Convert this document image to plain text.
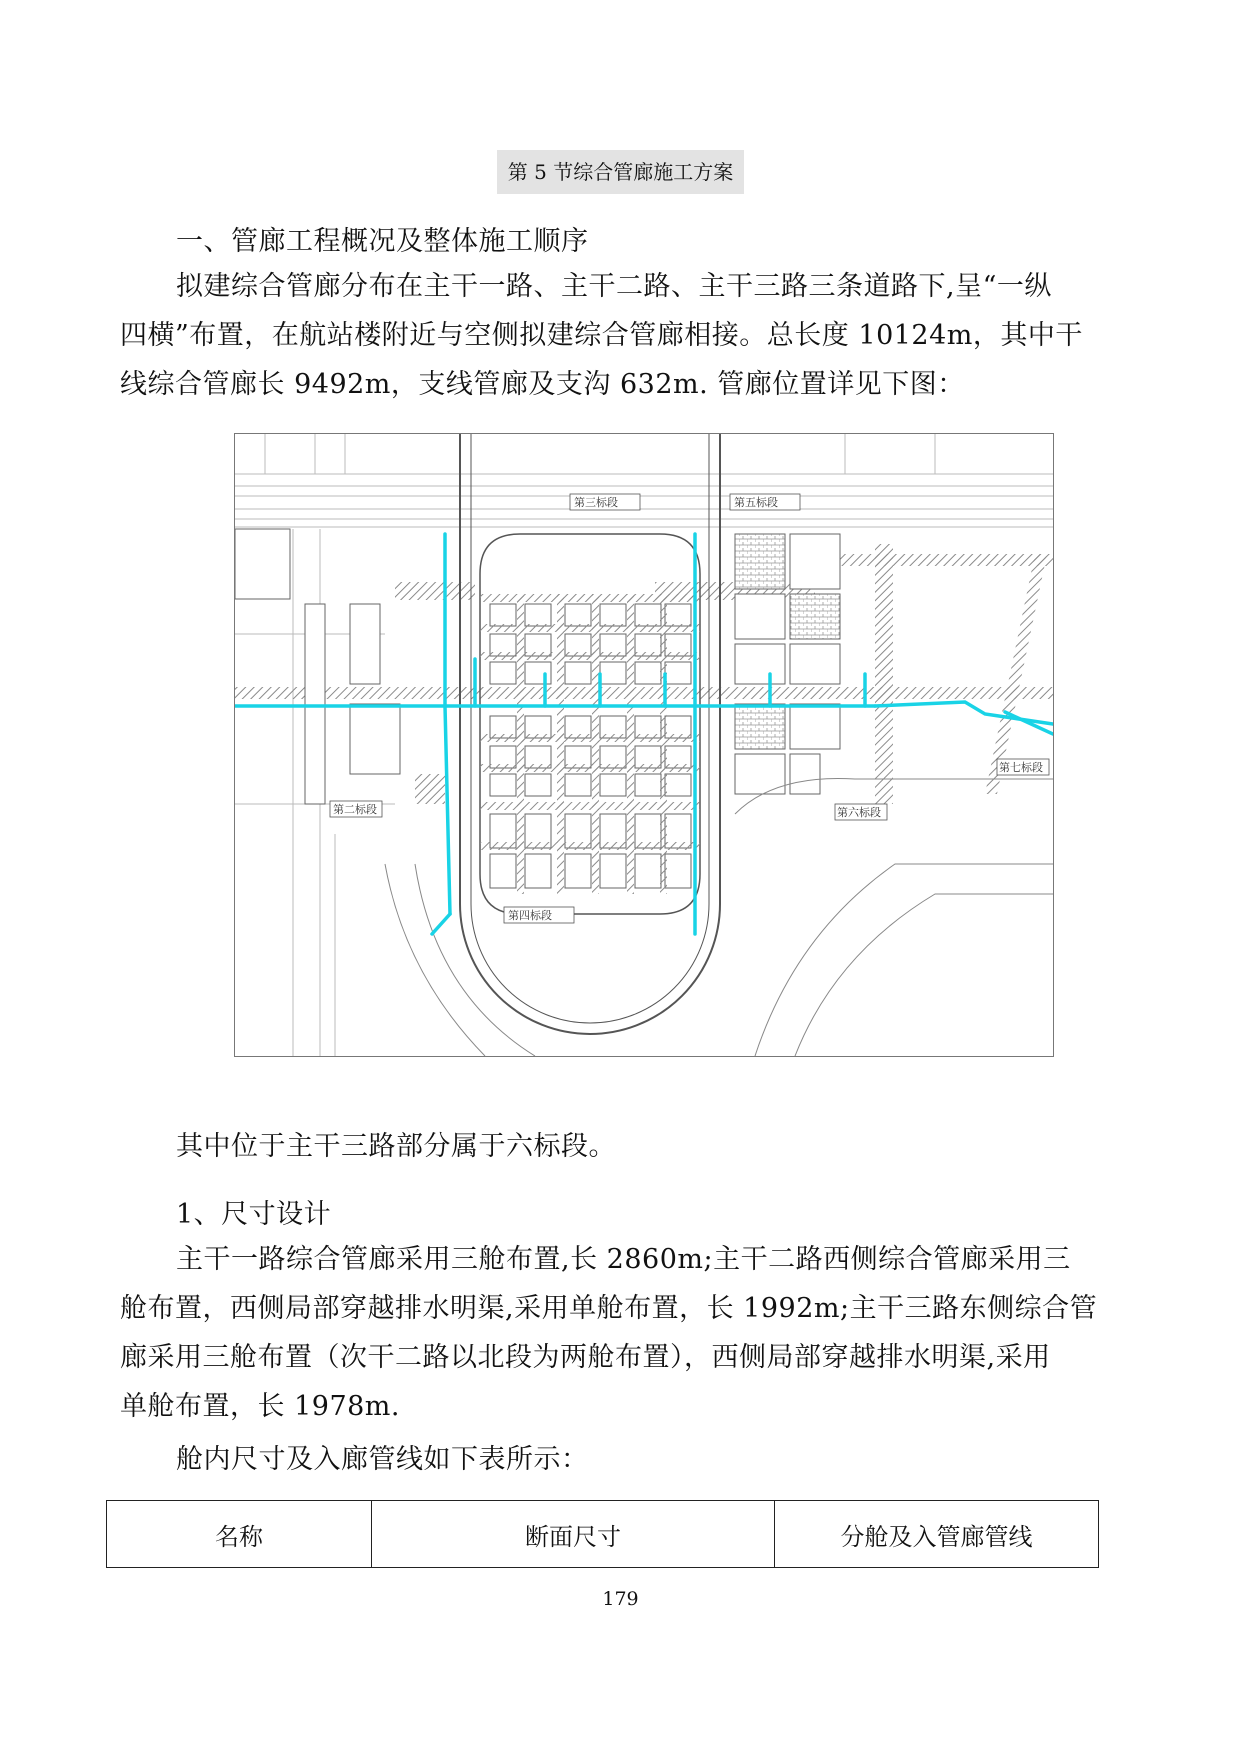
第 5 节综合管廊施工方案
一、管廊工程概况及整体施工顺序

拟建综合管廊分布在主干一路、主干二路、主干三路三条道路下,呈“一纵
四横”布置，在航站楼附近与空侧拟建综合管廊相接。总长度 10124m，其中干
线综合管廊长 9492m，支线管廊及支沟 632m. 管廊位置详见下图：

第三标段	第五标段
第二标段
第四标段
第六标段
第七标段

其中位于主干三路部分属于六标段。

1、尺寸设计

主干一路综合管廊采用三舱布置,长 2860m;主干二路西侧综合管廊采用三
舱布置，西侧局部穿越排水明渠,采用单舱布置，长 1992m;主干三路东侧综合管
廊采用三舱布置（次干二路以北段为两舱布置），西侧局部穿越排水明渠,采用
单舱布置，长 1978m.

舱内尺寸及入廊管线如下表所示：

名称	断面尺寸	分舱及入管廊管线
179
